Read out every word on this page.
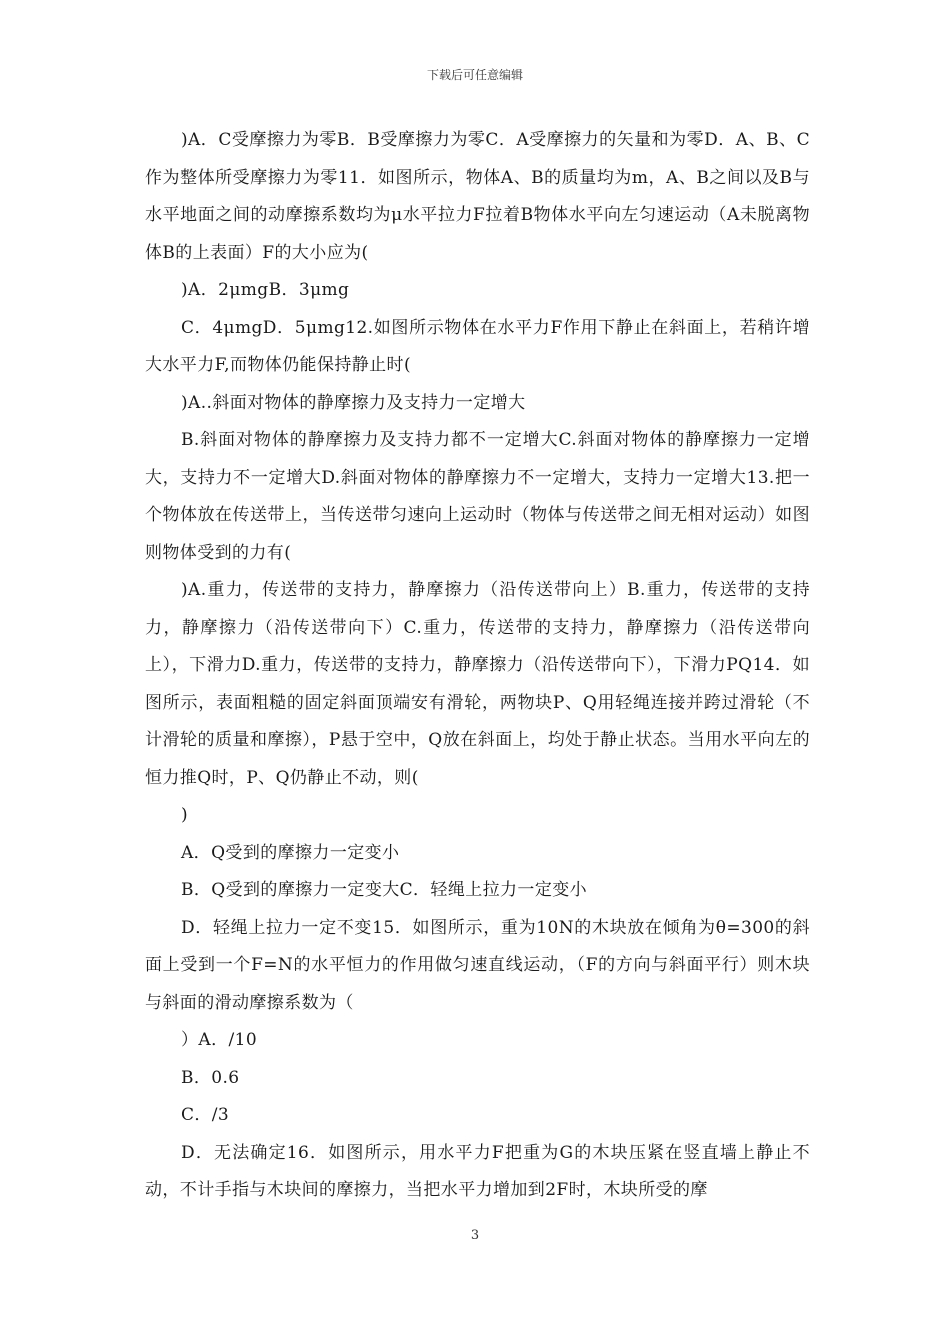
下载后可任意编辑

)A．C受摩擦力为零B．B受摩擦力为零C．A受摩擦力的矢量和为零D．A、B、C作为整体所受摩擦力为零11．如图所示，物体A、B的质量均为m，A、B之间以及B与水平地面之间的动摩擦系数均为μ水平拉力F拉着B物体水平向左匀速运动（A未脱离物体B的上表面）F的大小应为(

)A．2μmgB．3μmg

C．4μmgD．5μmg12.如图所示物体在水平力F作用下静止在斜面上，若稍许增大水平力F,而物体仍能保持静止时(

)A..斜面对物体的静摩擦力及支持力一定增大

B.斜面对物体的静摩擦力及支持力都不一定增大C.斜面对物体的静摩擦力一定增大，支持力不一定增大D.斜面对物体的静摩擦力不一定增大，支持力一定增大13.把一个物体放在传送带上，当传送带匀速向上运动时（物体与传送带之间无相对运动）如图则物体受到的力有(

)A.重力，传送带的支持力，静摩擦力（沿传送带向上）B.重力，传送带的支持力，静摩擦力（沿传送带向下）C.重力，传送带的支持力，静摩擦力（沿传送带向上），下滑力D.重力，传送带的支持力，静摩擦力（沿传送带向下），下滑力PQ14．如图所示，表面粗糙的固定斜面顶端安有滑轮，两物块P、Q用轻绳连接并跨过滑轮（不计滑轮的质量和摩擦），P悬于空中，Q放在斜面上，均处于静止状态。当用水平向左的恒力推Q时，P、Q仍静止不动，则(

)

A．Q受到的摩擦力一定变小

B．Q受到的摩擦力一定变大C．轻绳上拉力一定变小

D．轻绳上拉力一定不变15．如图所示，重为10N的木块放在倾角为θ=300的斜面上受到一个F=N的水平恒力的作用做匀速直线运动，（F的方向与斜面平行）则木块与斜面的滑动摩擦系数为（

）A．/10

B．0.6

C．/3

D．无法确定16．如图所示，用水平力F把重为G的木块压紧在竖直墙上静止不动，不计手指与木块间的摩擦力，当把水平力增加到2F时，木块所受的摩

3
